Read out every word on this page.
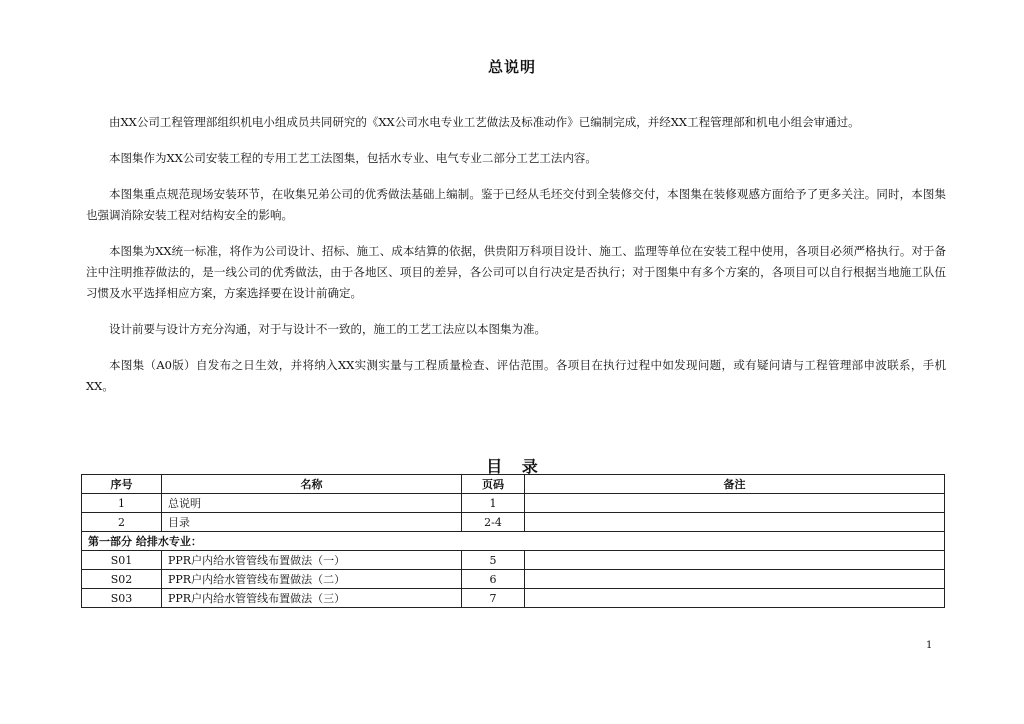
总说明

由XX公司工程管理部组织机电小组成员共同研究的《XX公司水电专业工艺做法及标准动作》已编制完成，并经XX工程管理部和机电小组会审通过。

本图集作为XX公司安装工程的专用工艺工法图集，包括水专业、电气专业二部分工艺工法内容。

本图集重点规范现场安装环节，在收集兄弟公司的优秀做法基础上编制。鉴于已经从毛坯交付到全装修交付，本图集在装修观感方面给予了更多关注。同时，本图集也强调消除安装工程对结构安全的影响。

本图集为XX统一标准，将作为公司设计、招标、施工、成本结算的依据，供贵阳万科项目设计、施工、监理等单位在安装工程中使用，各项目必须严格执行。对于备注中注明推荐做法的，是一线公司的优秀做法，由于各地区、项目的差异，各公司可以自行决定是否执行；对于图集中有多个方案的，各项目可以自行根据当地施工队伍习惯及水平选择相应方案，方案选择要在设计前确定。

设计前要与设计方充分沟通，对于与设计不一致的，施工的工艺工法应以本图集为准。

本图集（A0版）自发布之日生效，并将纳入XX实测实量与工程质量检查、评估范围。各项目在执行过程中如发现问题，或有疑问请与工程管理部申波联系，手机XX。

目 录
序号	名称	页码	备注
1	总说明	1	
2	目录	2-4	
第一部分 给排水专业：			
S01	PPR户内给水管管线布置做法（一）	5	
S02	PPR户内给水管管线布置做法（二）	6	
S03	PPR户内给水管管线布置做法（三）	7	
1
